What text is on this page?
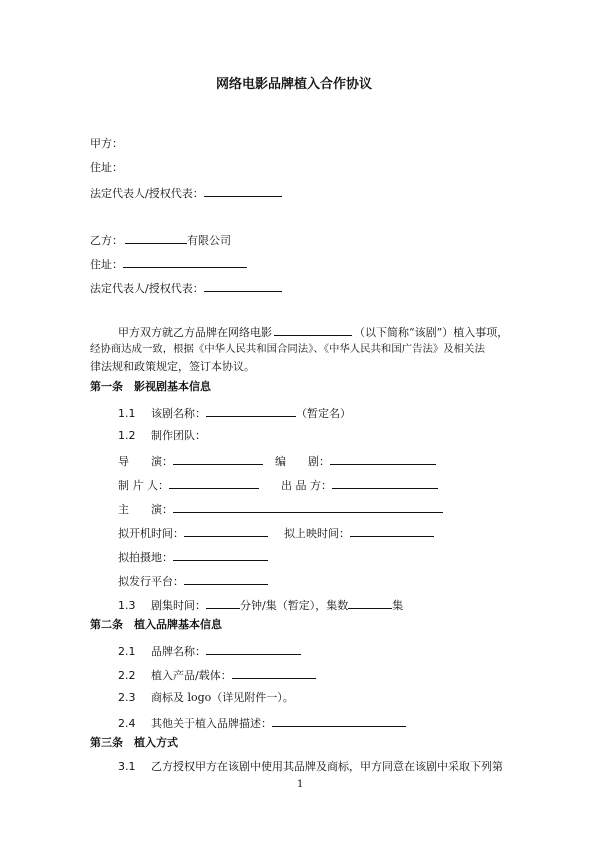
网络电影品牌植入合作协议
甲方：
住址：
法定代表人/授权代表：
乙方：	有限公司
住址：
法定代表人/授权代表：
甲方双方就乙方品牌在网络电影	（以下简称“该剧”）植入事项，
经协商达成一致，根据《中华人民共和国合同法》、《中华人民共和国广告法》及相关法
律法规和政策规定，签订本协议。
第一条　影视剧基本信息
1.1 该剧名称：	（暂定名）
1.2 制作团队：
导　　演：	编　　剧：
制 片 人：	出 品 方：
主　　演：
拟开机时间：	拟上映时间：
拟拍摄地：
拟发行平台：
1.3 剧集时间：	分钟/集（暂定），集数	集
第二条　植入品牌基本信息
2.1 品牌名称：
2.2 植入产品/载体：
2.3 商标及 logo（详见附件一）。
2.4 其他关于植入品牌描述：
第三条　植入方式
3.1 乙方授权甲方在该剧中使用其品牌及商标，甲方同意在该剧中采取下列第
1
